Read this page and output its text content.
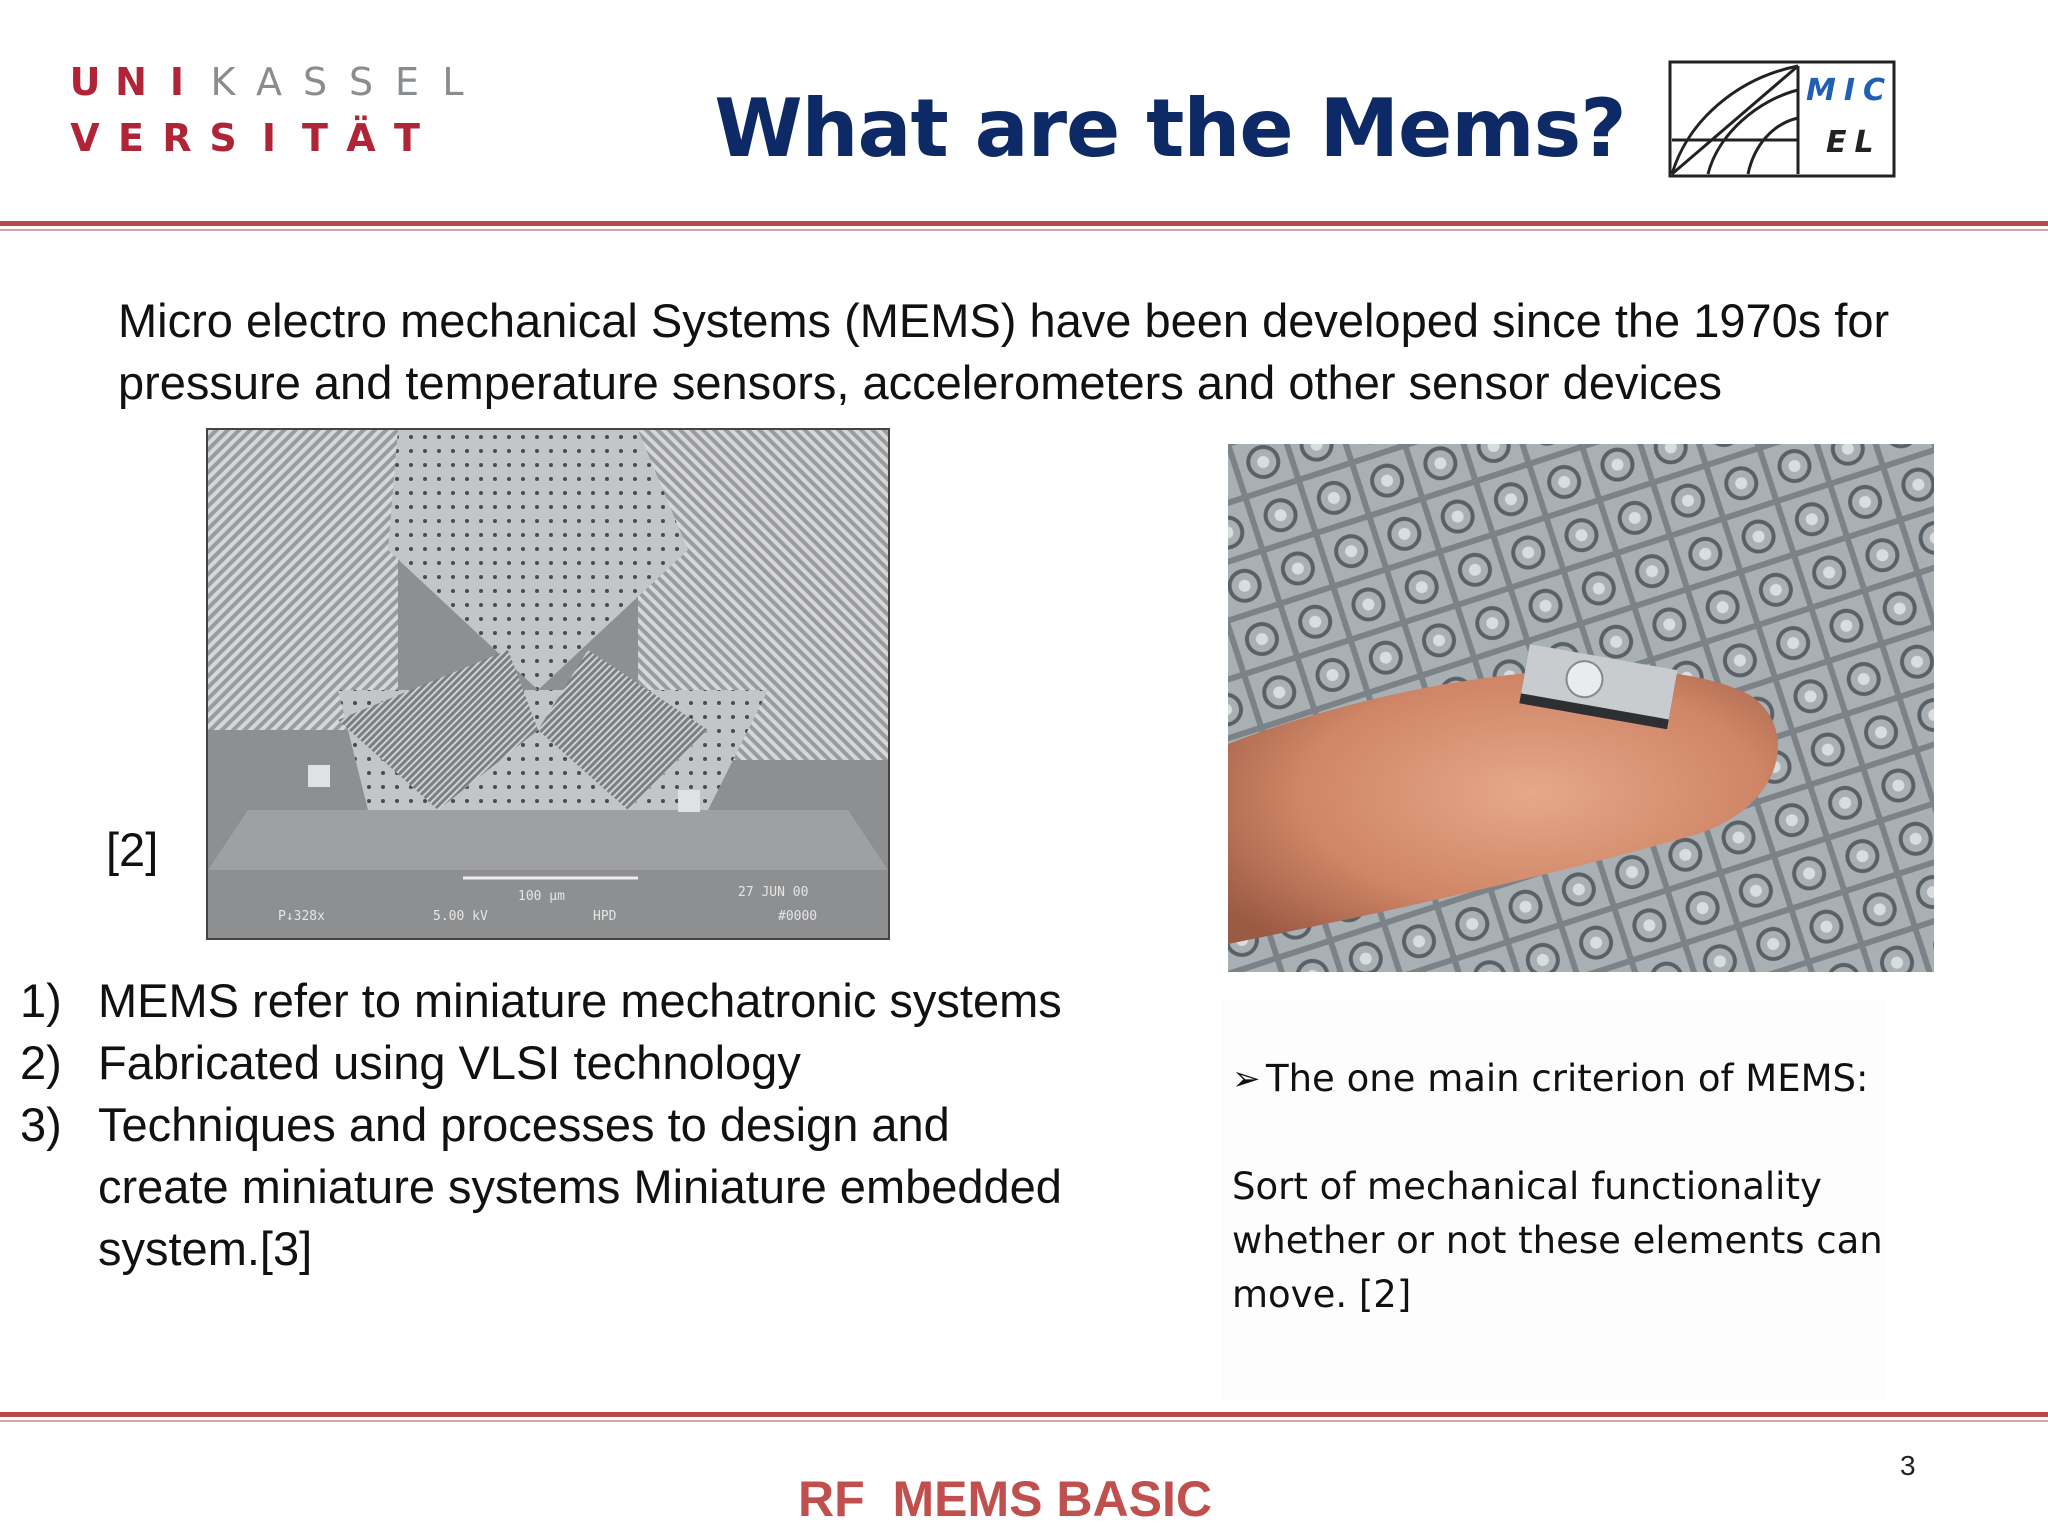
U N I K A S S E L
V E R S I T Ä T	What are the Mems?	MIC
EL
Micro electro mechanical Systems (MEMS) have been developed since the 1970s for pressure and temperature sensors, accelerometers and other sensor devices
P↓328x	5.00 kV
100 µm
HPD
27 JUN 00
#0000
[2]
1) MEMS refer to miniature mechatronic systems
2) Fabricated using VLSI technology
3) Techniques and processes to design and create miniature systems Miniature embedded system.[3]
➢ The one main criterion of MEMS:
Sort of mechanical functionality whether or not these elements can move. [2]
3
RF  MEMS BASIC
